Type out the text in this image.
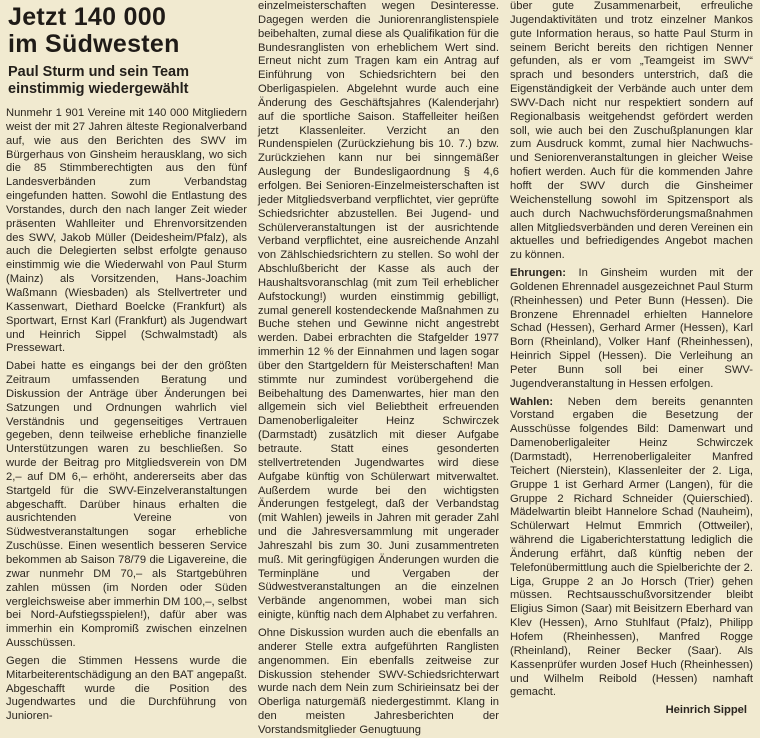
Jetzt 140 000
im Südwesten
Paul Sturm und sein Team
einstimmig wiedergewählt

Nunmehr 1 901 Vereine mit 140 000 Mitgliedern weist der mit 27 Jahren älteste Regionalverband auf, wie aus den Berichten des SWV im Bürgerhaus von Ginsheim herausklang, wo sich die 85 Stimmberechtigten aus den fünf Landesverbänden zum Verbandstag eingefunden hatten. Sowohl die Entlastung des Vorstandes, durch den nach langer Zeit wieder präsenten Wahlleiter und Ehrenvorsitzenden des SWV, Jakob Müller (Deidesheim/Pfalz), als auch die Delegierten selbst erfolgte genauso einstimmig wie die Wiederwahl von Paul Sturm (Mainz) als Vorsitzenden, Hans-Joachim Waßmann (Wiesbaden) als Stellvertreter und Kassenwart, Diethard Boelcke (Frankfurt) als Sportwart, Ernst Karl (Frankfurt) als Jugendwart und Heinrich Sippel (Schwalmstadt) als Pressewart.

Dabei hatte es eingangs bei der den größten Zeitraum umfassenden Beratung und Diskussion der Anträge über Änderungen bei Satzungen und Ordnungen wahrlich viel Verständnis und gegenseitiges Vertrauen gegeben, denn teilweise erhebliche finanzielle Unterstützungen waren zu beschließen. So wurde der Beitrag pro Mitgliedsverein von DM 2,– auf DM 6,– erhöht, andererseits aber das Startgeld für die SWV-Einzelveranstaltungen abgeschafft. Darüber hinaus erhalten die ausrichtenden Vereine von Südwestveranstaltungen sogar erhebliche Zuschüsse. Einen wesentlich besseren Service bekommen ab Saison 78/79 die Ligavereine, die zwar nunmehr DM 70,– als Startgebühren zahlen müssen (im Norden oder Süden vergleichsweise aber immerhin DM 100,–, selbst bei Nord-Aufstiegsspielen!), dafür aber was immerhin ein Kompromiß zwischen einzelnen Ausschüssen.

Gegen die Stimmen Hessens wurde die Mitarbeiterentschädigung an den BAT angepaßt. Abgeschafft wurde die Position des Jugendwartes und die Durchführung von Junioren-

einzelmeisterschaften wegen Desinteresse. Dagegen werden die Juniorenranglistenspiele beibehalten, zumal diese als Qualifikation für die Bundesranglisten von erheblichem Wert sind. Erneut nicht zum Tragen kam ein Antrag auf Einführung von Schiedsrichtern bei den Oberligaspielen. Abgelehnt wurde auch eine Änderung des Geschäftsjahres (Kalenderjahr) auf die sportliche Saison. Staffelleiter heißen jetzt Klassenleiter. Verzicht an den Rundenspielen (Zurückziehung bis 10. 7.) bzw. Zurückziehen kann nur bei sinngemäßer Auslegung der Bundesligaordnung § 4,6 erfolgen. Bei Senioren-Einzelmeisterschaften ist jeder Mitgliedsverband verpflichtet, vier geprüfte Schiedsrichter abzustellen. Bei Jugend- und Schülerveranstaltungen ist der ausrichtende Verband verpflichtet, eine ausreichende Anzahl von Zählschiedsrichtern zu stellen. So wohl der Abschlußbericht der Kasse als auch der Haushaltsvoranschlag (mit zum Teil erheblicher Aufstockung!) wurden einstimmig gebilligt, zumal generell kostendeckende Maßnahmen zu Buche stehen und Gewinne nicht angestrebt werden. Dabei erbrachten die Stafgelder 1977 immerhin 12 % der Einnahmen und lagen sogar über den Startgeldern für Meisterschaften! Man stimmte nur zumindest vorübergehend die Beibehaltung des Damenwartes, hier man den allgemein sich viel Beliebtheit erfreuenden Damenoberligaleiter Heinz Schwirczek (Darmstadt) zusätzlich mit dieser Aufgabe betraute. Statt eines gesonderten stellvertretenden Jugendwartes wird diese Aufgabe künftig von Schülerwart mitverwaltet. Außerdem wurde bei den wichtigsten Änderungen festgelegt, daß der Verbandstag (mit Wahlen) jeweils in Jahren mit gerader Zahl und die Jahresversammlung mit ungerader Jahreszahl bis zum 30. Juni zusammentreten muß. Mit geringfügigen Änderungen wurden die Terminpläne und Vergaben der Südwestveranstaltungen an die einzelnen Verbände angenommen, wobei man sich einigte, künftig nach dem Alphabet zu verfahren.

Ohne Diskussion wurden auch die ebenfalls an anderer Stelle extra aufgeführten Ranglisten angenommen. Ein ebenfalls zeitweise zur Diskussion stehender SWV-Schiedsrichterwart wurde nach dem Nein zum Schirieinsatz bei der Oberliga naturgemäß niedergestimmt. Klang in den meisten Jahresberichten der Vorstandsmitglieder Genugtuung

über gute Zusammenarbeit, erfreuliche Jugendaktivitäten und trotz einzelner Mankos gute Information heraus, so hatte Paul Sturm in seinem Bericht bereits den richtigen Nenner gefunden, als er vom „Teamgeist im SWV“ sprach und besonders unterstrich, daß die Eigenständigkeit der Verbände auch unter dem SWV-Dach nicht nur respektiert sondern auf Regionalbasis weitgehendst gefördert werden soll, wie auch bei den Zuschußplanungen klar zum Ausdruck kommt, zumal hier Nachwuchs- und Seniorenveranstaltungen in gleicher Weise hofiert werden. Auch für die kommenden Jahre hofft der SWV durch die Ginsheimer Weichenstellung sowohl im Spitzensport als auch durch Nachwuchsförderungsmaßnahmen allen Mitgliedsverbänden und deren Vereinen ein aktuelles und befriedigendes Angebot machen zu können.

Ehrungen: In Ginsheim wurden mit der Goldenen Ehrennadel ausgezeichnet Paul Sturm (Rheinhessen) und Peter Bunn (Hessen). Die Bronzene Ehrennadel erhielten Hannelore Schad (Hessen), Gerhard Armer (Hessen), Karl Born (Rheinland), Volker Hanf (Rheinhessen), Heinrich Sippel (Hessen). Die Verleihung an Peter Bunn soll bei einer SWV-Jugendveranstaltung in Hessen erfolgen.

Wahlen: Neben dem bereits genannten Vorstand ergaben die Besetzung der Ausschüsse folgendes Bild: Damenwart und Damenoberligaleiter Heinz Schwirczek (Darmstadt), Herrenoberligaleiter Manfred Teichert (Nierstein), Klassenleiter der 2. Liga, Gruppe 1 ist Gerhard Armer (Langen), für die Gruppe 2 Richard Schneider (Quierschied). Mädelwartin bleibt Hannelore Schad (Nauheim), Schülerwart Helmut Emmrich (Ottweiler), während die Ligaberichterstattung lediglich die Änderung erfährt, daß künftig neben der Telefonübermittlung auch die Spielberichte der 2. Liga, Gruppe 2 an Jo Horsch (Trier) gehen müssen. Rechtsausschußvorsitzender bleibt Eligius Simon (Saar) mit Beisitzern Eberhard van Klev (Hessen), Arno Stuhlfaut (Pfalz), Philipp Hofem (Rheinhessen), Manfred Rogge (Rheinland), Reiner Becker (Saar). Als Kassenprüfer wurden Josef Huch (Rheinhessen) und Wilhelm Reibold (Hessen) namhaft gemacht.

Heinrich Sippel
